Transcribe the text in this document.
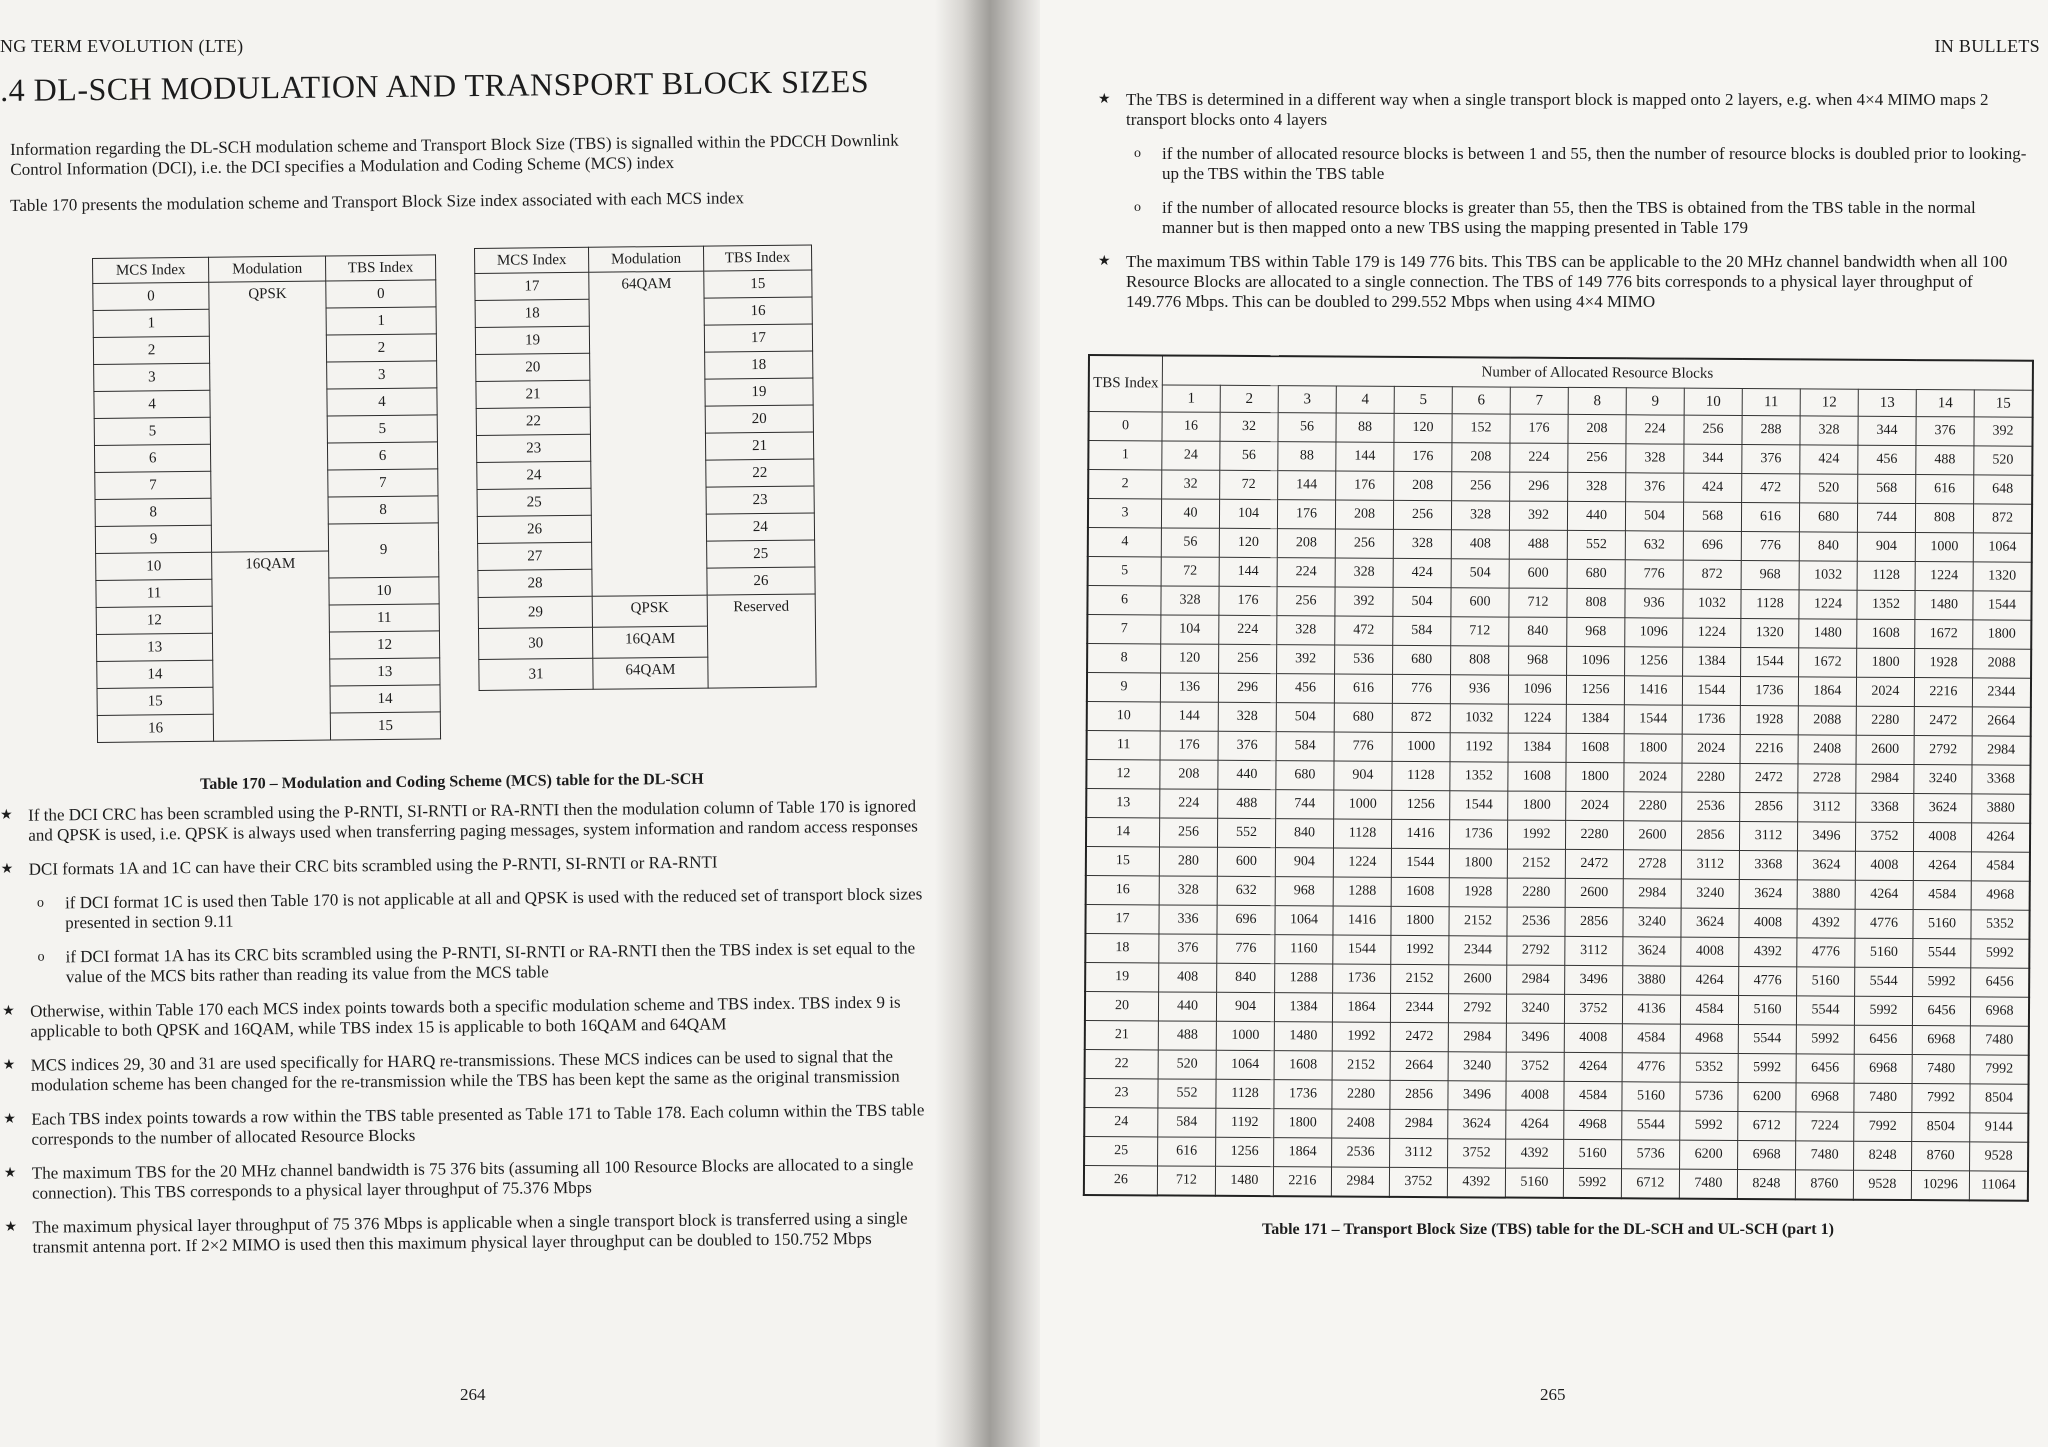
NG TERM EVOLUTION (LTE)
.4 DL-SCH MODULATION AND TRANSPORT BLOCK SIZES
Information regarding the DL-SCH modulation scheme and Transport Block Size (TBS) is signalled within the PDCCH Downlink Control Information (DCI), i.e. the DCI specifies a Modulation and Coding Scheme (MCS) index
Table 170 presents the modulation scheme and Transport Block Size index associated with each MCS index
MCS Index	Modulation	TBS Index
0	QPSK	0
1		1
2		2
3		3
4		4
5		5
6		6
7		7
8		8
9		9
10	16QAM	
11		10
12		11
13		12
14		13
15		14
16		15
MCS Index	Modulation	TBS Index
17	64QAM	15
18		16
19		17
20		18
21		19
22		20
23		21
24		22
25		23
26		24
27		25
28		26
29	QPSK	Reserved
30	16QAM	
31	64QAM	
Table 170 – Modulation and Coding Scheme (MCS) table for the DL-SCH
★ If the DCI CRC has been scrambled using the P-RNTI, SI-RNTI or RA-RNTI then the modulation column of Table 170 is ignored and QPSK is used, i.e. QPSK is always used when transferring paging messages, system information and random access responses
★ DCI formats 1A and 1C can have their CRC bits scrambled using the P-RNTI, SI-RNTI or RA-RNTI
o if DCI format 1C is used then Table 170 is not applicable at all and QPSK is used with the reduced set of transport block sizes presented in section 9.11
o if DCI format 1A has its CRC bits scrambled using the P-RNTI, SI-RNTI or RA-RNTI then the TBS index is set equal to the value of the MCS bits rather than reading its value from the MCS table
★ Otherwise, within Table 170 each MCS index points towards both a specific modulation scheme and TBS index. TBS index 9 is applicable to both QPSK and 16QAM, while TBS index 15 is applicable to both 16QAM and 64QAM
★ MCS indices 29, 30 and 31 are used specifically for HARQ re-transmissions. These MCS indices can be used to signal that the modulation scheme has been changed for the re-transmission while the TBS has been kept the same as the original transmission
★ Each TBS index points towards a row within the TBS table presented as Table 171 to Table 178. Each column within the TBS table corresponds to the number of allocated Resource Blocks
★ The maximum TBS for the 20 MHz channel bandwidth is 75 376 bits (assuming all 100 Resource Blocks are allocated to a single connection). This TBS corresponds to a physical layer throughput of 75.376 Mbps
★ The maximum physical layer throughput of 75 376 Mbps is applicable when a single transport block is transferred using a single transmit antenna port. If 2×2 MIMO is used then this maximum physical layer throughput can be doubled to 150.752 Mbps
264
IN BULLETS
★ The TBS is determined in a different way when a single transport block is mapped onto 2 layers, e.g. when 4×4 MIMO maps 2 transport blocks onto 4 layers
o if the number of allocated resource blocks is between 1 and 55, then the number of resource blocks is doubled prior to looking-up the TBS within the TBS table
o if the number of allocated resource blocks is greater than 55, then the TBS is obtained from the TBS table in the normal manner but is then mapped onto a new TBS using the mapping presented in Table 179
★ The maximum TBS within Table 179 is 149 776 bits. This TBS can be applicable to the 20 MHz channel bandwidth when all 100 Resource Blocks are allocated to a single connection. The TBS of 149 776 bits corresponds to a physical layer throughput of 149.776 Mbps. This can be doubled to 299.552 Mbps when using 4×4 MIMO
TBS Index	Number of Allocated Resource Blocks														
	1	2	3	4	5	6	7	8	9	10	11	12	13	14	15
0	16	32	56	88	120	152	176	208	224	256	288	328	344	376	392
1	24	56	88	144	176	208	224	256	328	344	376	424	456	488	520
2	32	72	144	176	208	256	296	328	376	424	472	520	568	616	648
3	40	104	176	208	256	328	392	440	504	568	616	680	744	808	872
4	56	120	208	256	328	408	488	552	632	696	776	840	904	1000	1064
5	72	144	224	328	424	504	600	680	776	872	968	1032	1128	1224	1320
6	328	176	256	392	504	600	712	808	936	1032	1128	1224	1352	1480	1544
7	104	224	328	472	584	712	840	968	1096	1224	1320	1480	1608	1672	1800
8	120	256	392	536	680	808	968	1096	1256	1384	1544	1672	1800	1928	2088
9	136	296	456	616	776	936	1096	1256	1416	1544	1736	1864	2024	2216	2344
10	144	328	504	680	872	1032	1224	1384	1544	1736	1928	2088	2280	2472	2664
11	176	376	584	776	1000	1192	1384	1608	1800	2024	2216	2408	2600	2792	2984
12	208	440	680	904	1128	1352	1608	1800	2024	2280	2472	2728	2984	3240	3368
13	224	488	744	1000	1256	1544	1800	2024	2280	2536	2856	3112	3368	3624	3880
14	256	552	840	1128	1416	1736	1992	2280	2600	2856	3112	3496	3752	4008	4264
15	280	600	904	1224	1544	1800	2152	2472	2728	3112	3368	3624	4008	4264	4584
16	328	632	968	1288	1608	1928	2280	2600	2984	3240	3624	3880	4264	4584	4968
17	336	696	1064	1416	1800	2152	2536	2856	3240	3624	4008	4392	4776	5160	5352
18	376	776	1160	1544	1992	2344	2792	3112	3624	4008	4392	4776	5160	5544	5992
19	408	840	1288	1736	2152	2600	2984	3496	3880	4264	4776	5160	5544	5992	6456
20	440	904	1384	1864	2344	2792	3240	3752	4136	4584	5160	5544	5992	6456	6968
21	488	1000	1480	1992	2472	2984	3496	4008	4584	4968	5544	5992	6456	6968	7480
22	520	1064	1608	2152	2664	3240	3752	4264	4776	5352	5992	6456	6968	7480	7992
23	552	1128	1736	2280	2856	3496	4008	4584	5160	5736	6200	6968	7480	7992	8504
24	584	1192	1800	2408	2984	3624	4264	4968	5544	5992	6712	7224	7992	8504	9144
25	616	1256	1864	2536	3112	3752	4392	5160	5736	6200	6968	7480	8248	8760	9528
26	712	1480	2216	2984	3752	4392	5160	5992	6712	7480	8248	8760	9528	10296	11064
Table 171 – Transport Block Size (TBS) table for the DL-SCH and UL-SCH (part 1)
265
